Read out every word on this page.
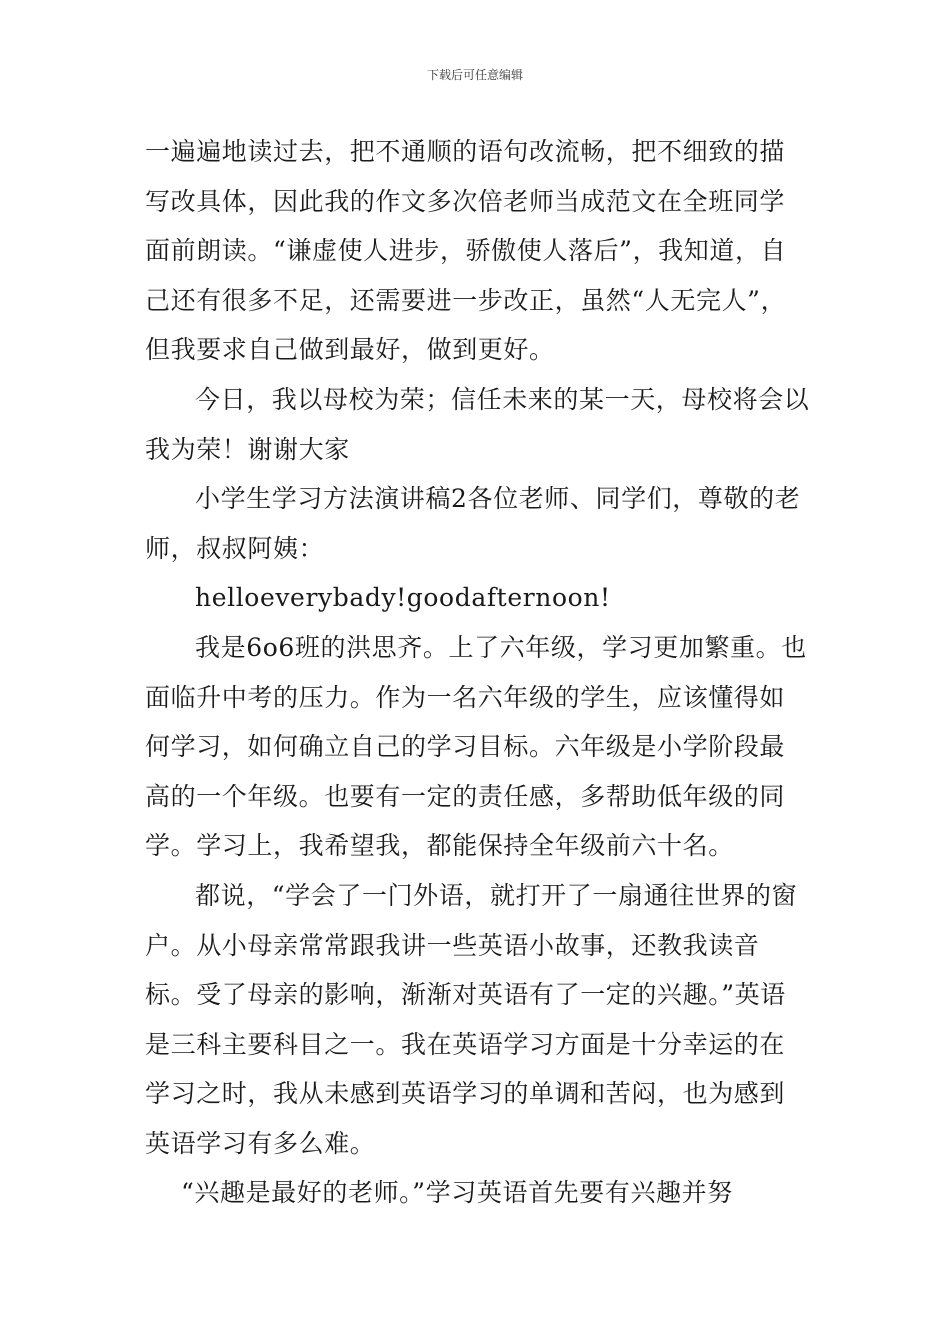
下载后可任意编辑

一遍遍地读过去，把不通顺的语句改流畅，把不细致的描写改具体，因此我的作文多次倍老师当成范文在全班同学面前朗读。“谦虚使人进步，骄傲使人落后”，我知道，自己还有很多不足，还需要进一步改正，虽然“人无完人”，但我要求自己做到最好，做到更好。

今日，我以母校为荣；信任未来的某一天，母校将会以我为荣！谢谢大家

小学生学习方法演讲稿2各位老师、同学们，尊敬的老师，叔叔阿姨：

helloeverybady!goodafternoon!

我是6o6班的洪思齐。上了六年级，学习更加繁重。也面临升中考的压力。作为一名六年级的学生，应该懂得如何学习，如何确立自己的学习目标。六年级是小学阶段最高的一个年级。也要有一定的责任感，多帮助低年级的同学。学习上，我希望我，都能保持全年级前六十名。

都说，“学会了一门外语，就打开了一扇通往世界的窗户。从小母亲常常跟我讲一些英语小故事，还教我读音标。受了母亲的影响，渐渐对英语有了一定的兴趣。”英语是三科主要科目之一。我在英语学习方面是十分幸运的在学习之时，我从未感到英语学习的单调和苦闷，也为感到英语学习有多么难。

“兴趣是最好的老师。”学习英语首先要有兴趣并努
